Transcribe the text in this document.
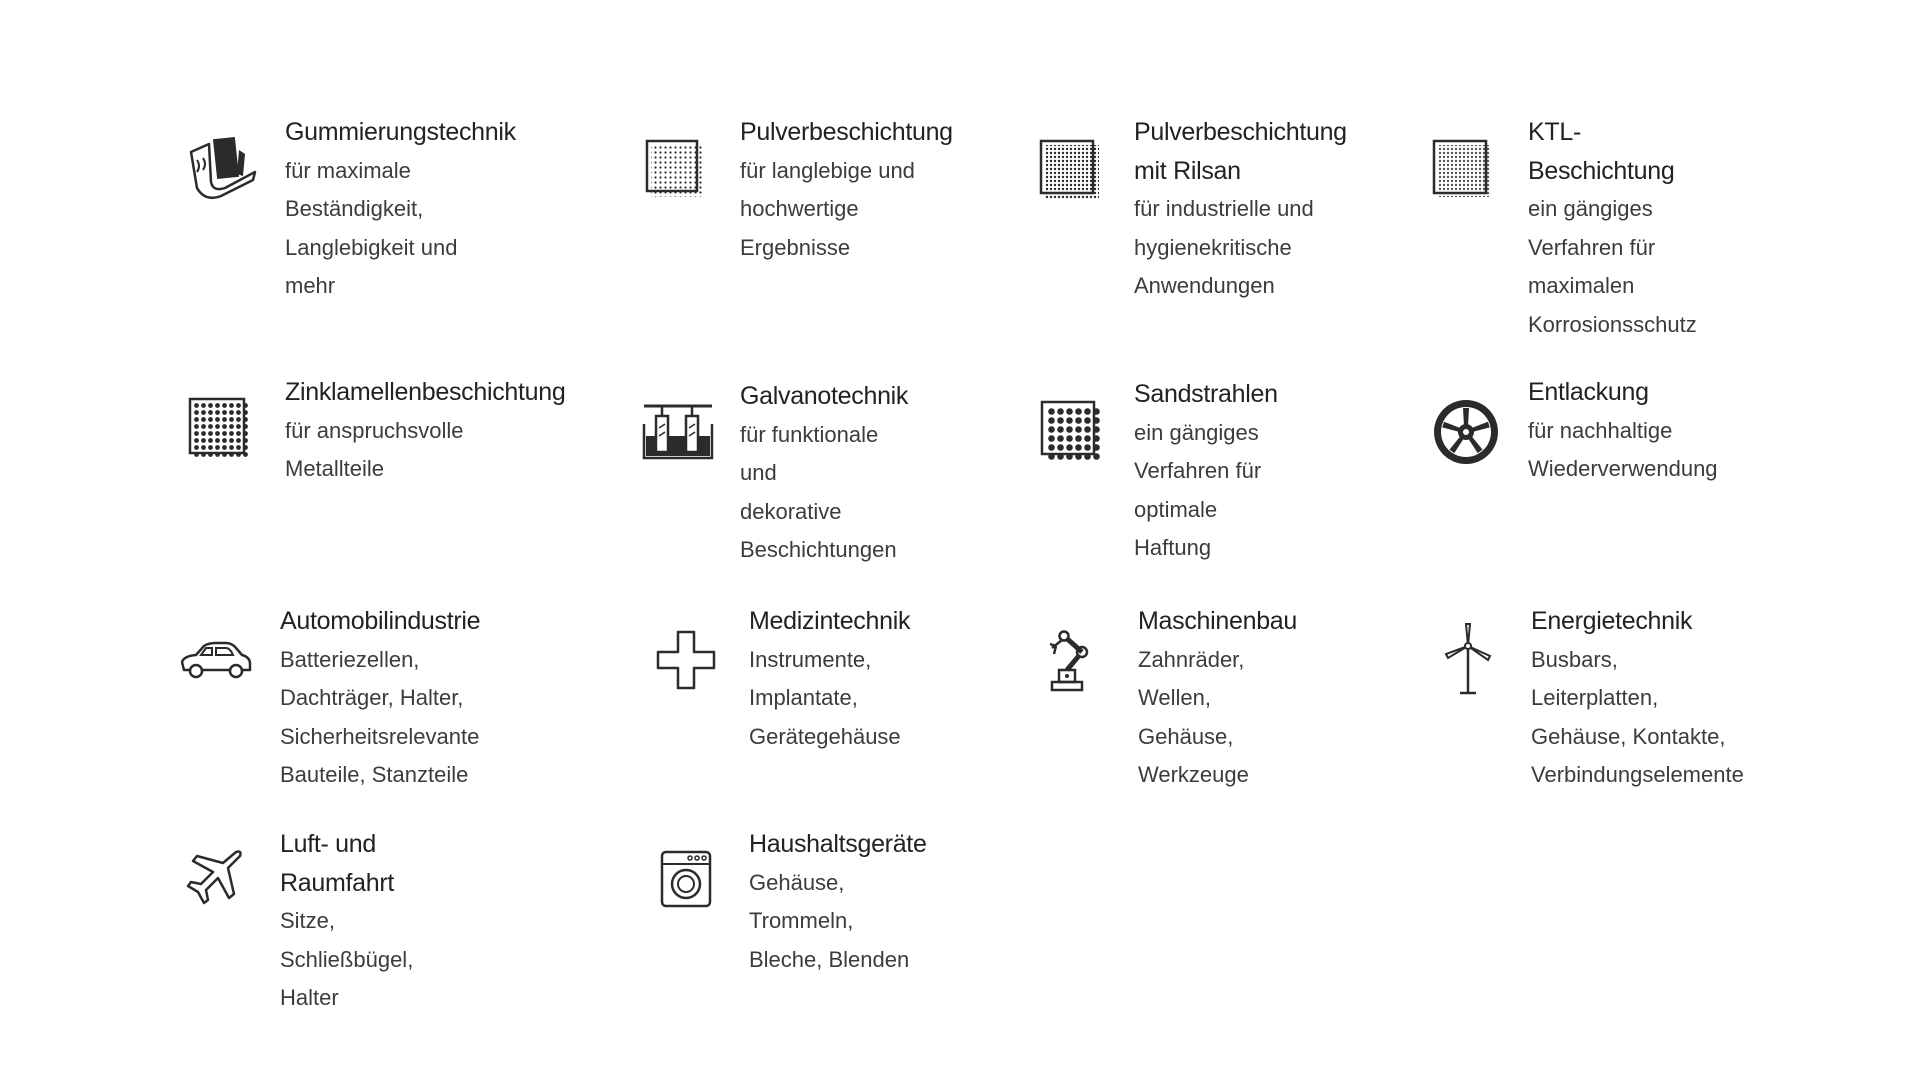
Gummierungstechnik
für maximale
Beständigkeit,
Langlebigkeit und
mehr
Pulverbeschichtung
für langlebige und
hochwertige
Ergebnisse
Pulverbeschichtung
mit Rilsan
für industrielle und
hygienekritische
Anwendungen
KTL-Beschichtung
ein gängiges
Verfahren für
maximalen
Korrosionsschutz
Zinklamellenbeschichtung
für anspruchsvolle
Metallteile
Galvanotechnik
für funktionale und
dekorative
Beschichtungen
Sandstrahlen
ein gängiges
Verfahren für
optimale Haftung
Entlackung
für nachhaltige
Wiederverwendung
Automobilindustrie
Batteriezellen,
Dachträger, Halter,
Sicherheitsrelevante
Bauteile, Stanzteile
Medizintechnik
Instrumente,
Implantate,
Gerätegehäuse
Maschinenbau
Zahnräder, Wellen,
Gehäuse,
Werkzeuge
Energietechnik
Busbars,
Leiterplatten,
Gehäuse, Kontakte,
Verbindungselemente
Luft- und
Raumfahrt
Sitze, Schließbügel,
Halter
Haushaltsgeräte
Gehäuse, Trommeln,
Bleche, Blenden
